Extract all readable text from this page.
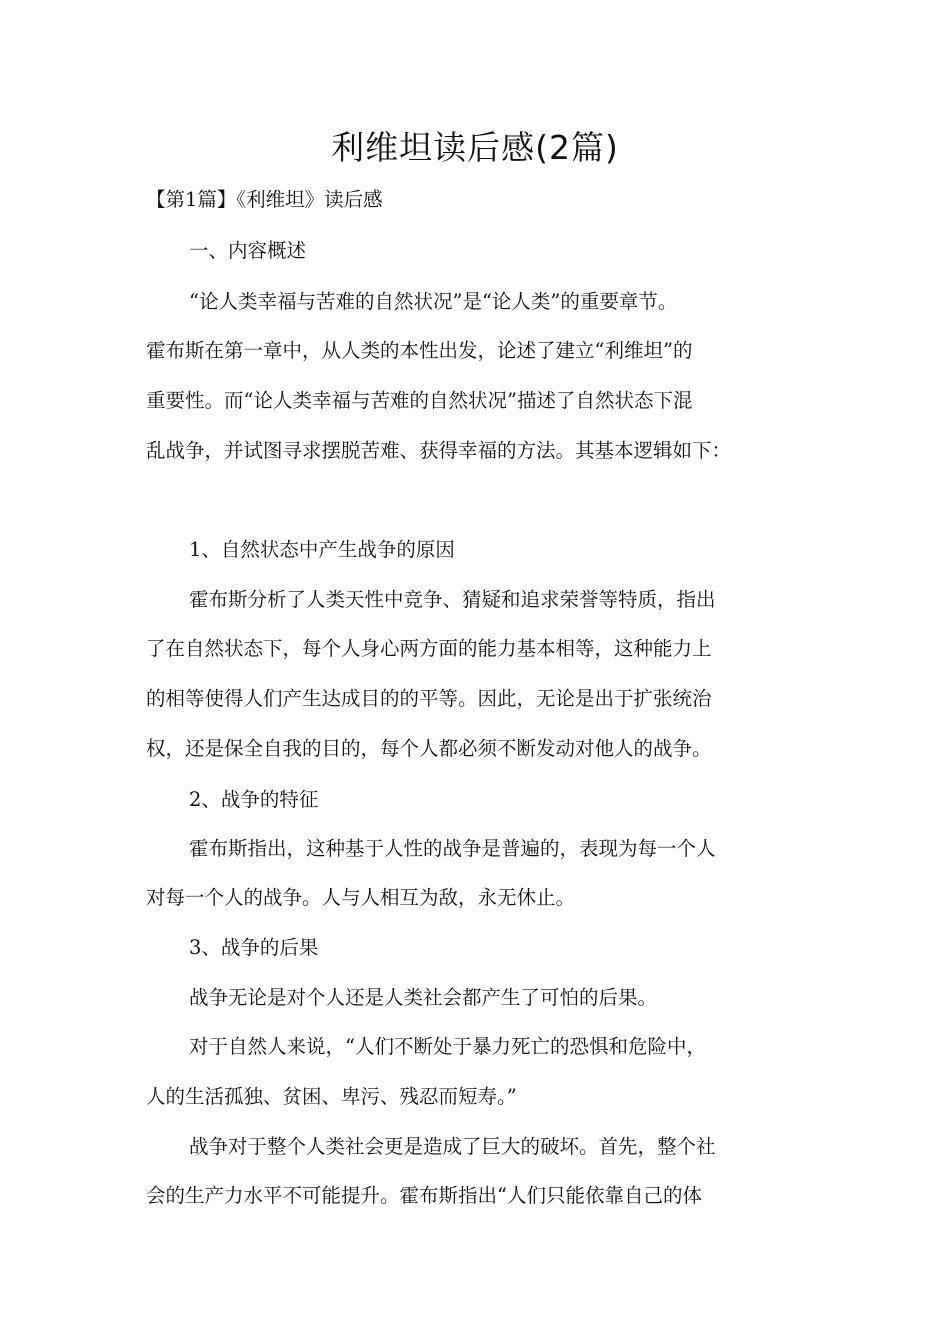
利维坦读后感(2篇)

【第1篇】《利维坦》读后感

一、内容概述

“论人类幸福与苦难的自然状况”是“论人类”的重要章节。

霍布斯在第一章中，从人类的本性出发，论述了建立“利维坦”的

重要性。而“论人类幸福与苦难的自然状况”描述了自然状态下混

乱战争，并试图寻求摆脱苦难、获得幸福的方法。其基本逻辑如下：

1、自然状态中产生战争的原因

霍布斯分析了人类天性中竞争、猜疑和追求荣誉等特质，指出

了在自然状态下，每个人身心两方面的能力基本相等，这种能力上

的相等使得人们产生达成目的的平等。因此，无论是出于扩张统治

权，还是保全自我的目的，每个人都必须不断发动对他人的战争。

2、战争的特征

霍布斯指出，这种基于人性的战争是普遍的，表现为每一个人

对每一个人的战争。人与人相互为敌，永无休止。

3、战争的后果

战争无论是对个人还是人类社会都产生了可怕的后果。

对于自然人来说，“人们不断处于暴力死亡的恐惧和危险中，

人的生活孤独、贫困、卑污、残忍而短寿。”

战争对于整个人类社会更是造成了巨大的破坏。首先，整个社

会的生产力水平不可能提升。霍布斯指出“人们只能依靠自己的体
